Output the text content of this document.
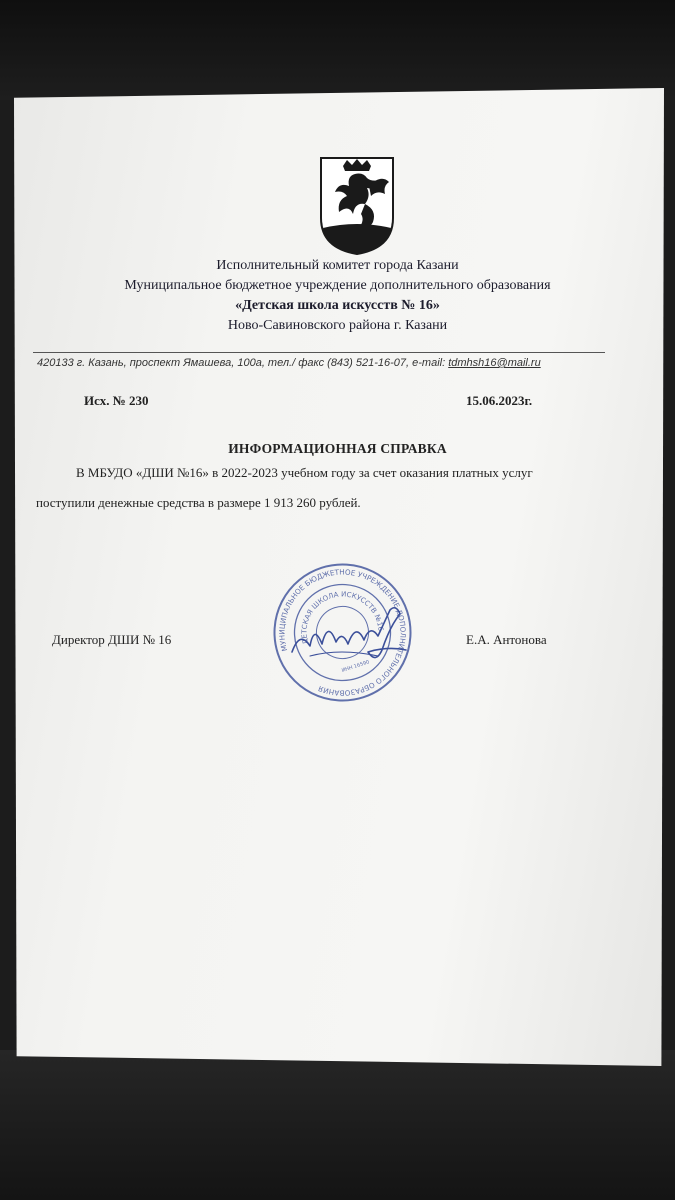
Исполнительный комитет города Казани
Муниципальное бюджетное учреждение дополнительного образования
«Детская школа искусств № 16»
Ново-Савиновского района г. Казани
420133 г. Казань, проспект Ямашева, 100а, тел./ факс (843) 521-16-07, e-mail: tdmhsh16@mail.ru
Исх. № 230	15.06.2023г.
ИНФОРМАЦИОННАЯ СПРАВКА
В МБУДО «ДШИ №16» в 2022-2023 учебном году за счет оказания платных услуг
поступили денежные средства в размере 1 913 260 рублей.
Директор ДШИ № 16	Е.А. Антонова
МУНИЦИПАЛЬНОЕ БЮДЖЕТНОЕ УЧРЕЖДЕНИЕ ДОПОЛНИТЕЛЬНОГО ОБРАЗОВАНИЯ
ДЕТСКАЯ ШКОЛА ИСКУССТВ №16
ИНН 16590
